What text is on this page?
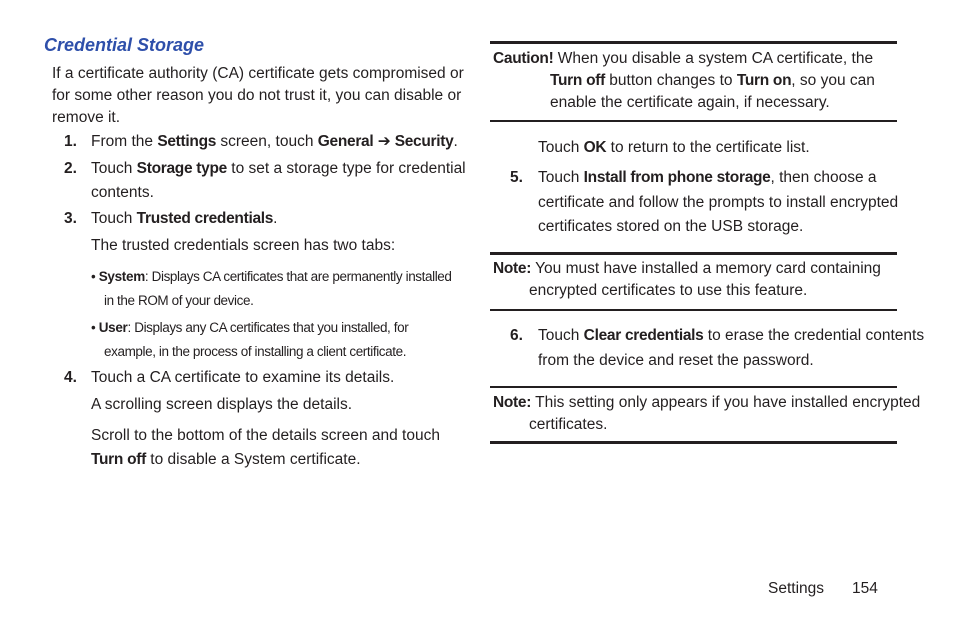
Credential Storage
If a certificate authority (CA) certificate gets compromised or
for some other reason you do not trust it, you can disable or
remove it.
1. From the Settings screen, touch General ➔ Security.
2. Touch Storage type to set a storage type for credential
contents.
3. Touch Trusted credentials.
The trusted credentials screen has two tabs:
• System: Displays CA certificates that are permanently installed
in the ROM of your device.
• User: Displays any CA certificates that you installed, for
example, in the process of installing a client certificate.
4. Touch a CA certificate to examine its details.
A scrolling screen displays the details.
Scroll to the bottom of the details screen and touch
Turn off to disable a System certificate.
Caution! When you disable a system CA certificate, the
Turn off button changes to Turn on, so you can
enable the certificate again, if necessary.
Touch OK to return to the certificate list.
5. Touch Install from phone storage, then choose a
certificate and follow the prompts to install encrypted
certificates stored on the USB storage.
Note: You must have installed a memory card containing
encrypted certificates to use this feature.
6. Touch Clear credentials to erase the credential contents
from the device and reset the password.
Note: This setting only appears if you have installed encrypted
certificates.
Settings 154
